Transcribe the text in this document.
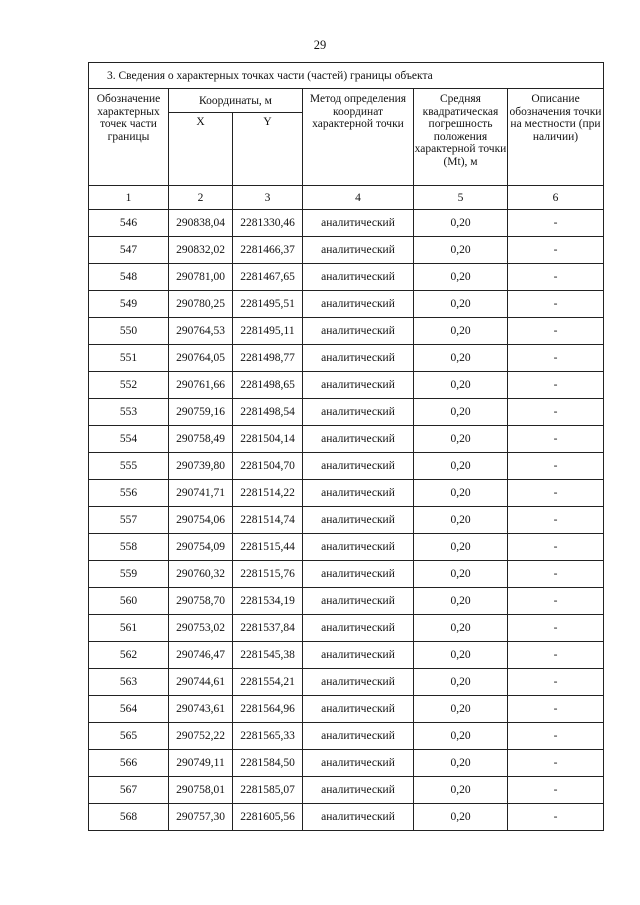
29
3. Сведения о характерных точках части (частей) границы объекта					
Обозначение характерных точек части границы	Координаты, м		Метод определения координат характерной точки	Средняя квадратическая погрешность положения характерной точки (Mt), м	Описание обозначения точки на местности (при наличии)
	X	Y			
1	2	3	4	5	6
546	290838,04	2281330,46	аналитический	0,20	-
547	290832,02	2281466,37	аналитический	0,20	-
548	290781,00	2281467,65	аналитический	0,20	-
549	290780,25	2281495,51	аналитический	0,20	-
550	290764,53	2281495,11	аналитический	0,20	-
551	290764,05	2281498,77	аналитический	0,20	-
552	290761,66	2281498,65	аналитический	0,20	-
553	290759,16	2281498,54	аналитический	0,20	-
554	290758,49	2281504,14	аналитический	0,20	-
555	290739,80	2281504,70	аналитический	0,20	-
556	290741,71	2281514,22	аналитический	0,20	-
557	290754,06	2281514,74	аналитический	0,20	-
558	290754,09	2281515,44	аналитический	0,20	-
559	290760,32	2281515,76	аналитический	0,20	-
560	290758,70	2281534,19	аналитический	0,20	-
561	290753,02	2281537,84	аналитический	0,20	-
562	290746,47	2281545,38	аналитический	0,20	-
563	290744,61	2281554,21	аналитический	0,20	-
564	290743,61	2281564,96	аналитический	0,20	-
565	290752,22	2281565,33	аналитический	0,20	-
566	290749,11	2281584,50	аналитический	0,20	-
567	290758,01	2281585,07	аналитический	0,20	-
568	290757,30	2281605,56	аналитический	0,20	-
